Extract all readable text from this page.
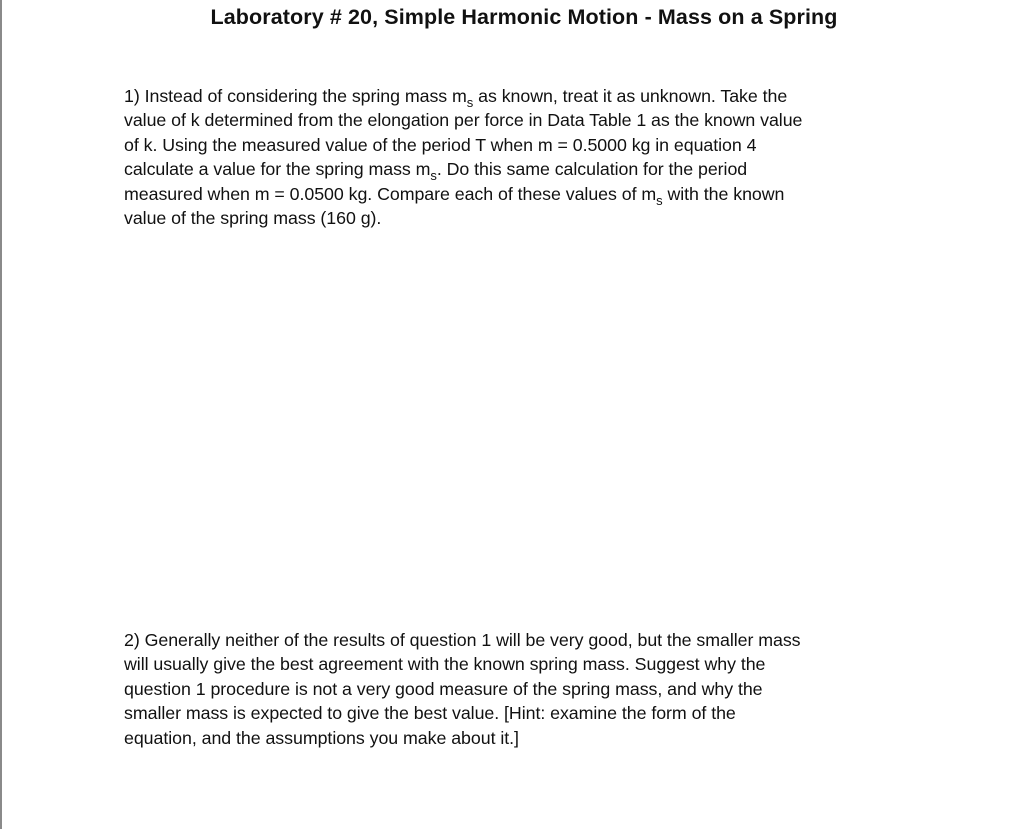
Laboratory # 20, Simple Harmonic Motion - Mass on a Spring
1) Instead of considering the spring mass $m_s$ as known, treat it as unknown. Take the
value of k determined from the elongation per force in Data Table 1 as the known value
of k. Using the measured value of the period T when m = 0.5000 kg in equation 4
calculate a value for the spring mass $m_s$. Do this same calculation for the period
measured when m = 0.0500 kg. Compare each of these values of $m_s$ with the known
value of the spring mass (160 g).
2) Generally neither of the results of question 1 will be very good, but the smaller mass
will usually give the best agreement with the known spring mass. Suggest why the
question 1 procedure is not a very good measure of the spring mass, and why the
smaller mass is expected to give the best value. [Hint: examine the form of the
equation, and the assumptions you make about it.]
